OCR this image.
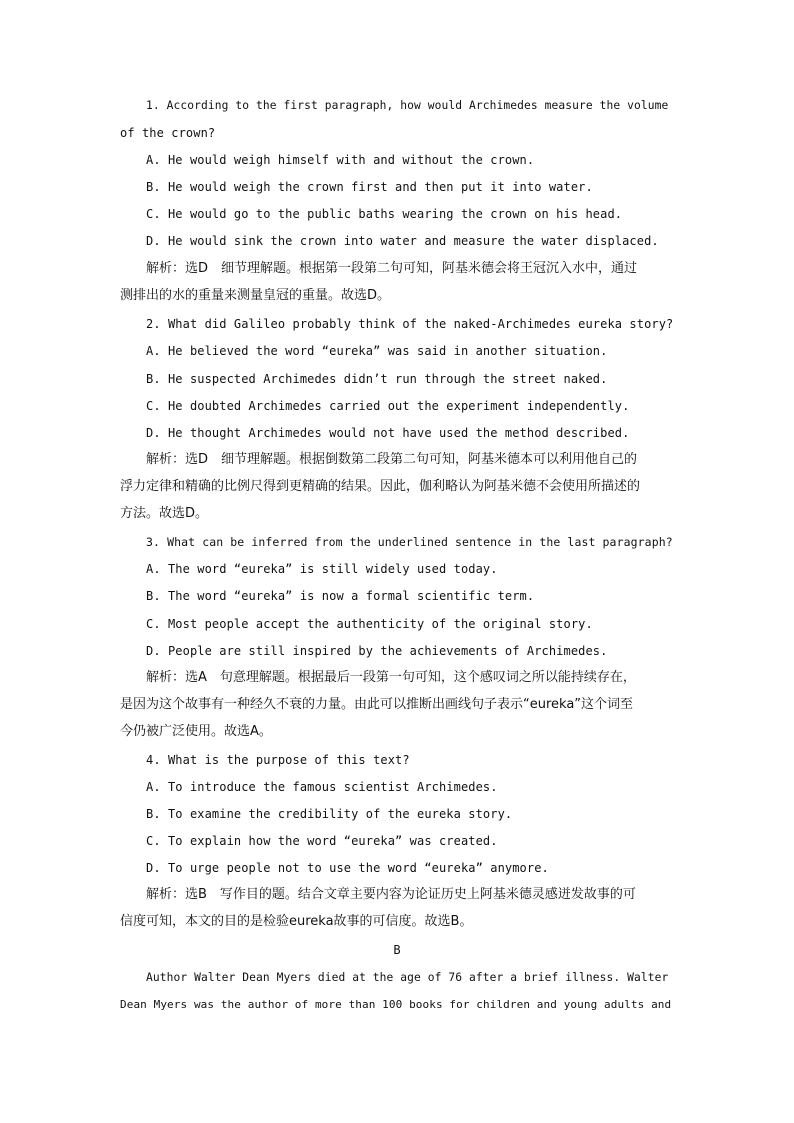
1. According to the first paragraph, how would Archimedes measure the volume
of the crown?
A. He would weigh himself with and without the crown.
B. He would weigh the crown first and then put it into water.
C. He would go to the public baths wearing the crown on his head.
D. He would sink the crown into water and measure the water displaced.
解析：选D　细节理解题。根据第一段第二句可知，阿基米德会将王冠沉入水中，通过
测排出的水的重量来测量皇冠的重量。故选D。
2. What did Galileo probably think of the naked-Archimedes eureka story?
A. He believed the word “eureka” was said in another situation.
B. He suspected Archimedes didn’t run through the street naked.
C. He doubted Archimedes carried out the experiment independently.
D. He thought Archimedes would not have used the method described.
解析：选D　细节理解题。根据倒数第二段第二句可知，阿基米德本可以利用他自己的
浮力定律和精确的比例尺得到更精确的结果。因此，伽利略认为阿基米德不会使用所描述的
方法。故选D。
3. What can be inferred from the underlined sentence in the last paragraph?
A. The word “eureka” is still widely used today.
B. The word “eureka” is now a formal scientific term.
C. Most people accept the authenticity of the original story.
D. People are still inspired by the achievements of Archimedes.
解析：选A　句意理解题。根据最后一段第一句可知，这个感叹词之所以能持续存在，
是因为这个故事有一种经久不衰的力量。由此可以推断出画线句子表示“eureka”这个词至
今仍被广泛使用。故选A。
4. What is the purpose of this text?
A. To introduce the famous scientist Archimedes.
B. To examine the credibility of the eureka story.
C. To explain how the word “eureka” was created.
D. To urge people not to use the word “eureka” anymore.
解析：选B　写作目的题。结合文章主要内容为论证历史上阿基米德灵感迸发故事的可
信度可知，本文的目的是检验eureka故事的可信度。故选B。
B
Author Walter Dean Myers died at the age of 76 after a brief illness. Walter
Dean Myers was the author of more than 100 books for children and young adults and
